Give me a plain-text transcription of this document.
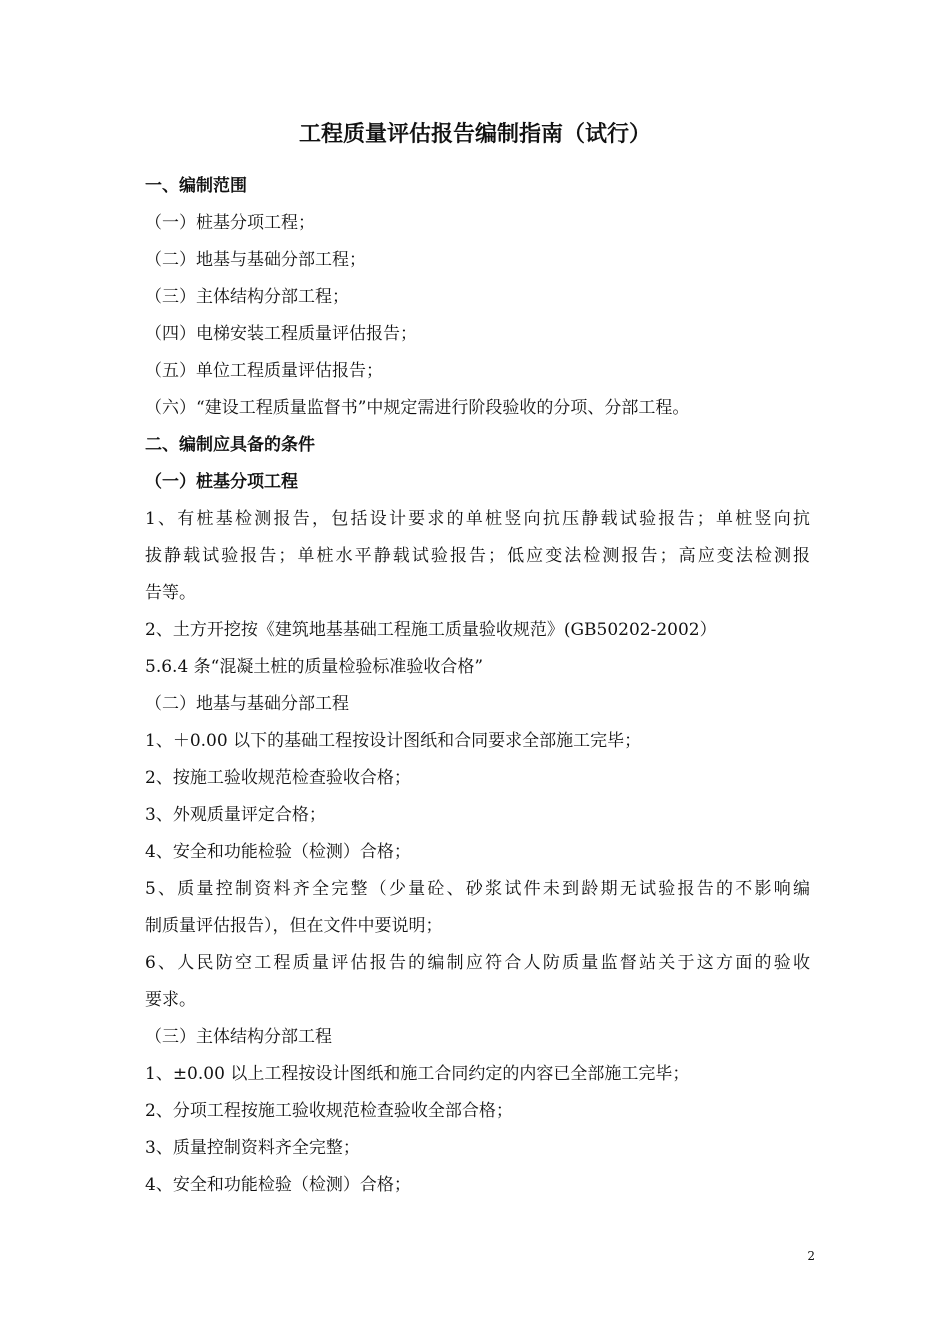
工程质量评估报告编制指南（试行）
一、编制范围
（一）桩基分项工程；
（二）地基与基础分部工程；
（三）主体结构分部工程；
（四）电梯安装工程质量评估报告；
（五）单位工程质量评估报告；
（六）“建设工程质量监督书”中规定需进行阶段验收的分项、分部工程。
二、编制应具备的条件
（一）桩基分项工程
1、有桩基检测报告，包括设计要求的单桩竖向抗压静载试验报告；单桩竖向抗
拔静载试验报告；单桩水平静载试验报告；低应变法检测报告；高应变法检测报
告等。
2、土方开挖按《建筑地基基础工程施工质量验收规范》(GB50202-2002）
5.6.4 条“混凝土桩的质量检验标准验收合格”
（二）地基与基础分部工程
1、＋0.00 以下的基础工程按设计图纸和合同要求全部施工完毕；
2、按施工验收规范检查验收合格；
3、外观质量评定合格；
4、安全和功能检验（检测）合格；
5、质量控制资料齐全完整（少量砼、砂浆试件未到龄期无试验报告的不影响编
制质量评估报告），但在文件中要说明；
6、人民防空工程质量评估报告的编制应符合人防质量监督站关于这方面的验收
要求。
（三）主体结构分部工程
1、±0.00 以上工程按设计图纸和施工合同约定的内容已全部施工完毕；
2、分项工程按施工验收规范检查验收全部合格；
3、质量控制资料齐全完整；
4、安全和功能检验（检测）合格；
2
